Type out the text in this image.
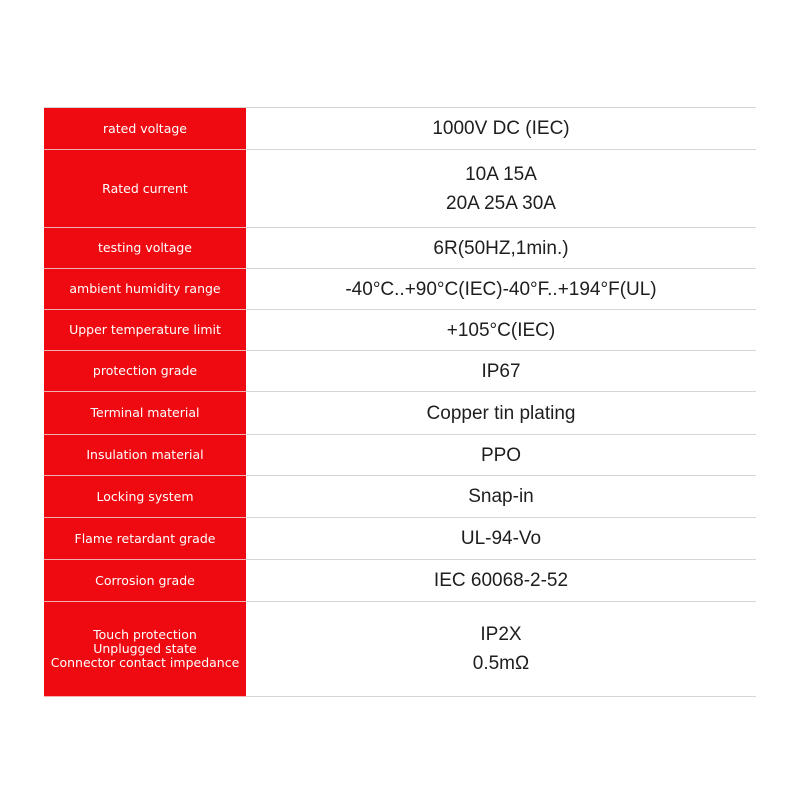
rated voltage	1000V DC (IEC)

Rated current	10A 15A
20A 25A 30A

testing voltage	6R(50HZ,1min.)

ambient humidity range	-40°C..+90°C(IEC)-40°F..+194°F(UL)

Upper temperature limit	+105°C(IEC)

protection grade	IP67

Terminal material	Copper tin plating

Insulation material	PPO

Locking system	Snap-in

Flame retardant grade	UL-94-Vo

Corrosion grade	IEC 60068-2-52

Touch protection
Unplugged state
Connector contact impedance	IP2X
0.5mΩ
